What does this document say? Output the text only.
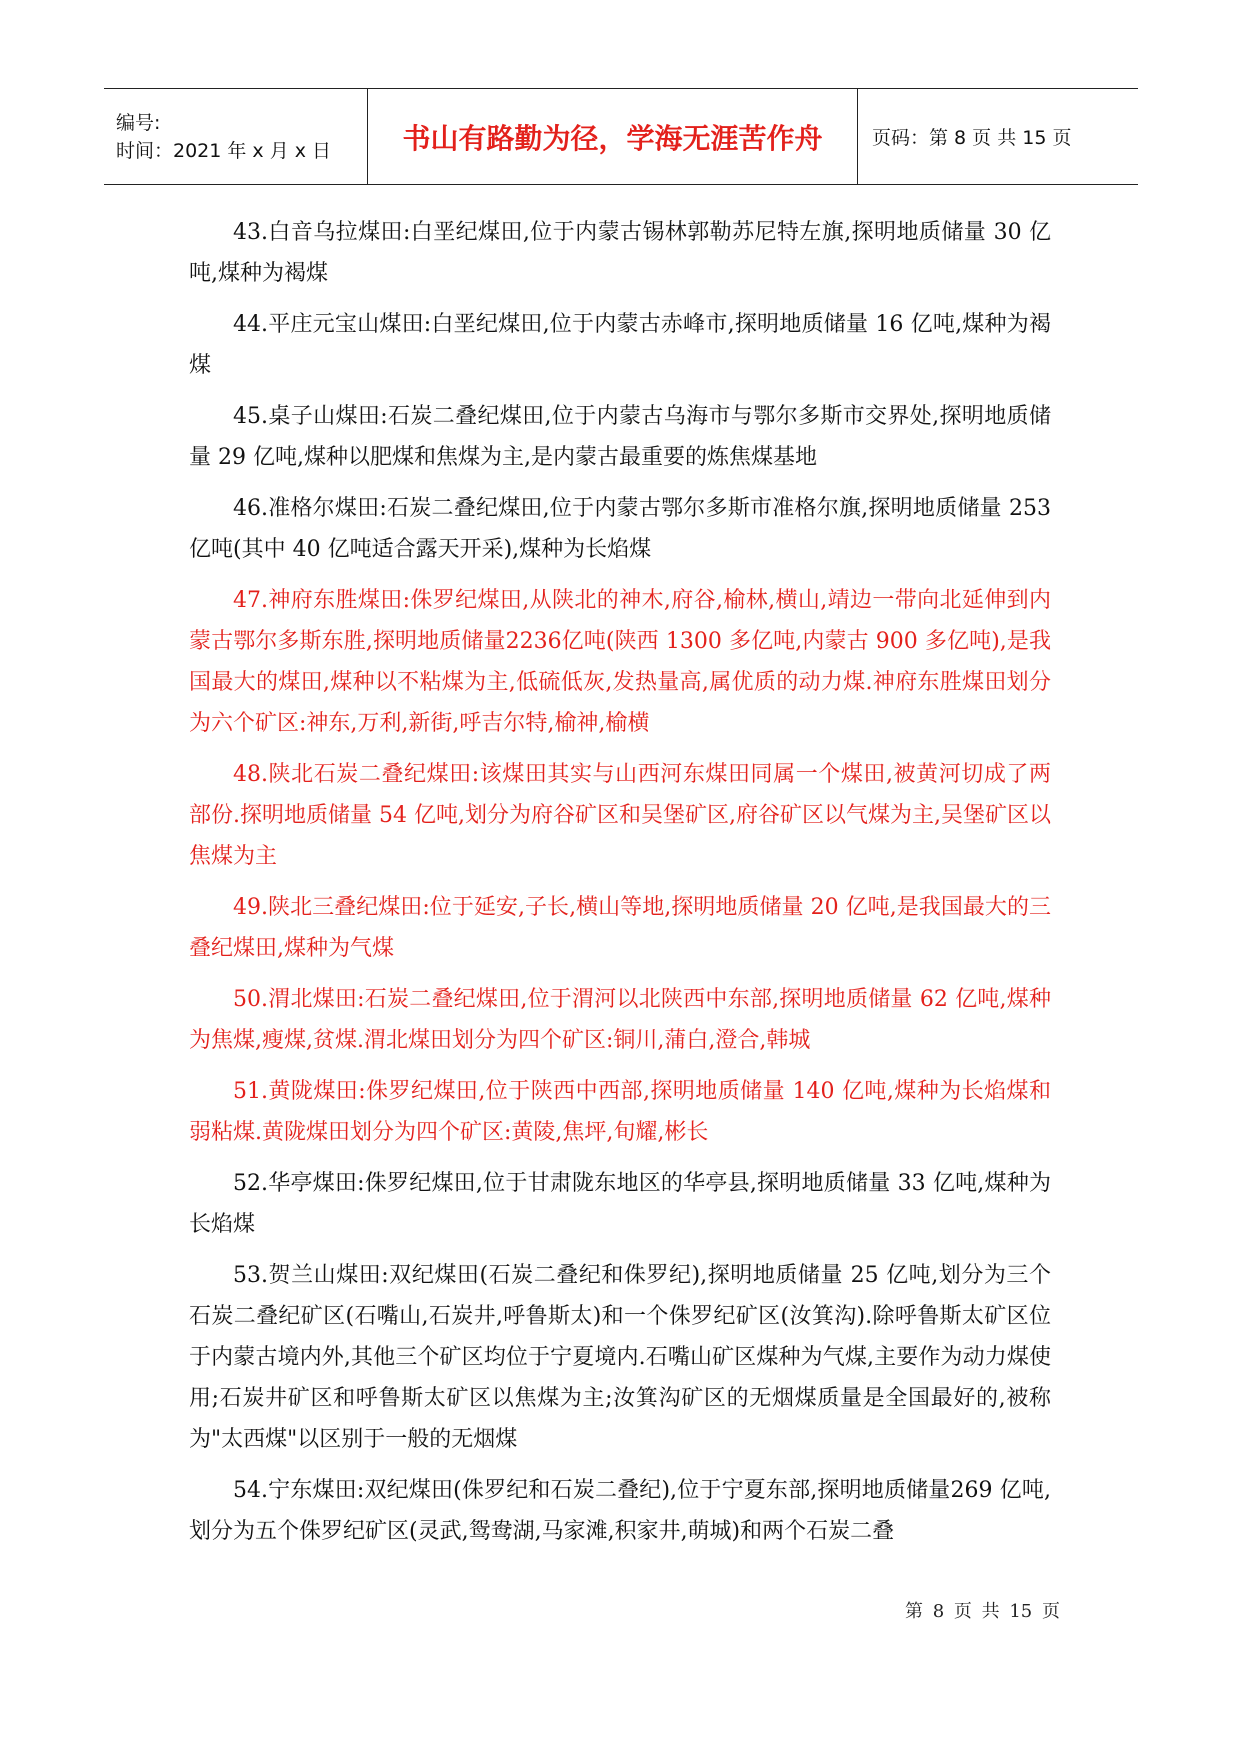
编号:
时间：2021 年 x 月 x 日	书山有路勤为径，学海无涯苦作舟	页码：第 8 页 共 15 页

43.白音乌拉煤田:白垩纪煤田,位于内蒙古锡林郭勒苏尼特左旗,探明地质储量 30 亿吨,煤种为褐煤

44.平庄元宝山煤田:白垩纪煤田,位于内蒙古赤峰市,探明地质储量 16 亿吨,煤种为褐煤

45.桌子山煤田:石炭二叠纪煤田,位于内蒙古乌海市与鄂尔多斯市交界处,探明地质储量 29 亿吨,煤种以肥煤和焦煤为主,是内蒙古最重要的炼焦煤基地

46.准格尔煤田:石炭二叠纪煤田,位于内蒙古鄂尔多斯市准格尔旗,探明地质储量 253 亿吨(其中 40 亿吨适合露天开采),煤种为长焰煤

47.神府东胜煤田:侏罗纪煤田,从陕北的神木,府谷,榆林,横山,靖边一带向北延伸到内蒙古鄂尔多斯东胜,探明地质储量2236亿吨(陕西 1300 多亿吨,内蒙古 900 多亿吨),是我国最大的煤田,煤种以不粘煤为主,低硫低灰,发热量高,属优质的动力煤.神府东胜煤田划分为六个矿区:神东,万利,新街,呼吉尔特,榆神,榆横

48.陕北石炭二叠纪煤田:该煤田其实与山西河东煤田同属一个煤田,被黄河切成了两部份.探明地质储量 54 亿吨,划分为府谷矿区和吴堡矿区,府谷矿区以气煤为主,吴堡矿区以焦煤为主

49.陕北三叠纪煤田:位于延安,子长,横山等地,探明地质储量 20 亿吨,是我国最大的三叠纪煤田,煤种为气煤

50.渭北煤田:石炭二叠纪煤田,位于渭河以北陕西中东部,探明地质储量 62 亿吨,煤种为焦煤,瘦煤,贫煤.渭北煤田划分为四个矿区:铜川,蒲白,澄合,韩城

51.黄陇煤田:侏罗纪煤田,位于陕西中西部,探明地质储量 140 亿吨,煤种为长焰煤和弱粘煤.黄陇煤田划分为四个矿区:黄陵,焦坪,旬耀,彬长

52.华亭煤田:侏罗纪煤田,位于甘肃陇东地区的华亭县,探明地质储量 33 亿吨,煤种为长焰煤

53.贺兰山煤田:双纪煤田(石炭二叠纪和侏罗纪),探明地质储量 25 亿吨,划分为三个石炭二叠纪矿区(石嘴山,石炭井,呼鲁斯太)和一个侏罗纪矿区(汝箕沟).除呼鲁斯太矿区位于内蒙古境内外,其他三个矿区均位于宁夏境内.石嘴山矿区煤种为气煤,主要作为动力煤使用;石炭井矿区和呼鲁斯太矿区以焦煤为主;汝箕沟矿区的无烟煤质量是全国最好的,被称为"太西煤"以区别于一般的无烟煤

54.宁东煤田:双纪煤田(侏罗纪和石炭二叠纪),位于宁夏东部,探明地质储量269 亿吨,划分为五个侏罗纪矿区(灵武,鸳鸯湖,马家滩,积家井,萌城)和两个石炭二叠

第 8 页 共 15 页
